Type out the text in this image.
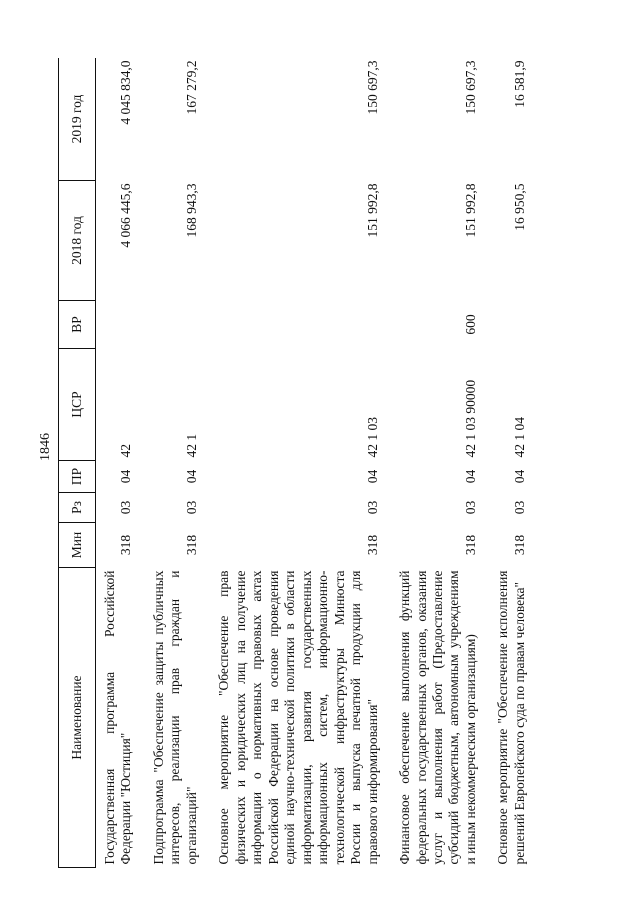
1846
Наименование	Мин	Рз	ПР	ЦСР	ВР	2018 год	2019 год
Государственная программа Российской Федерации "Юстиция"	318	03	04	42		4 066 445,6	4 045 834,0
Подпрограмма "Обеспечение защиты публичных интересов, реализации прав граждан и организаций"	318	03	04	42 1		168 943,3	167 279,2
Основное мероприятие "Обеспечение прав физических и юридических лиц на получение информации о нормативных правовых актах Российской Федерации на основе проведения единой научно-технической политики в области информатизации, развития государственных информационных систем, информационно-технологической инфраструктуры Минюста России и выпуска печатной продукции для правового информирования"	318	03	04	42 1 03		151 992,8	150 697,3
Финансовое обеспечение выполнения функций федеральных государственных органов, оказания услуг и выполнения работ (Предоставление субсидий бюджетным, автономным учреждениям и иным некоммерческим организациям)	318	03	04	42 1 03 90000	600	151 992,8	150 697,3
Основное мероприятие "Обеспечение исполнения решений Европейского суда по правам человека"	318	03	04	42 1 04		16 950,5	16 581,9
